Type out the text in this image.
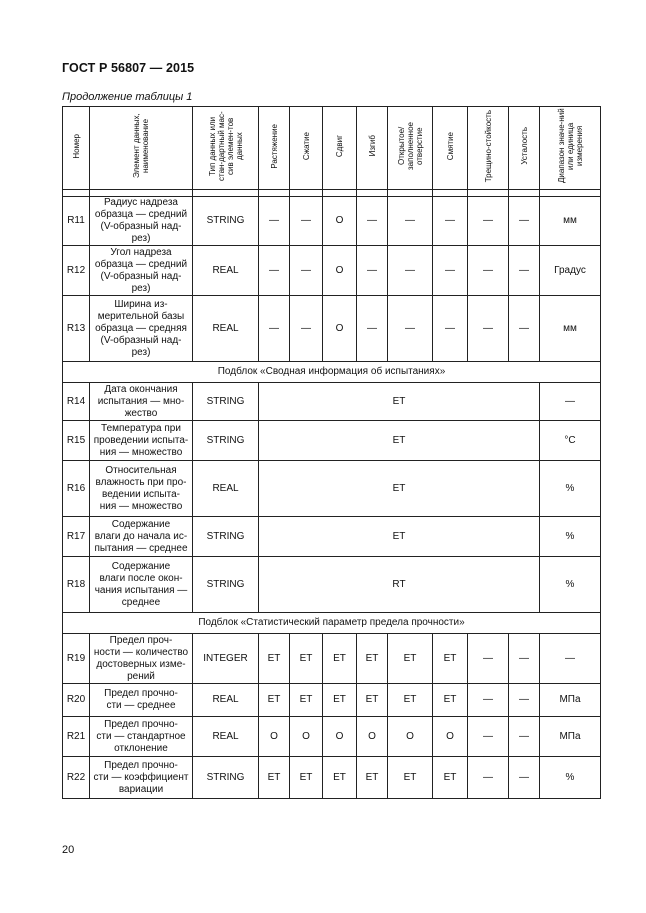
ГОСТ Р 56807 — 2015
Продолжение таблицы 1
Номер	Элемент данных, наименование	Тип данных или стан-дартный мас-сив элемен-тов данных	Растяжение	Сжатие	Сдвиг	Изгиб	Открытое/ заполненное отверстие	Смятие	Трещино-стойкость	Усталость	Диапазон значе-ний или единица измерения

R11	Радиус надреза
образца — средний
(V-образный над-
рез)	STRING	—	—	O	—	—	—	—	—	мм
R12	Угол надреза
образца — средний
(V-образный над-
рез)	REAL	—	—	O	—	—	—	—	—	Градус
R13	Ширина из-
мерительной базы
образца — средняя
(V-образный над-
рез)	REAL	—	—	O	—	—	—	—	—	мм
Подблок «Сводная информация об испытаниях»											
R14	Дата окончания
испытания — мно-
жество	STRING	ET								—
R15	Температура при
проведении испыта-
ния — множество	STRING	ET								°C
R16	Относительная
влажность при про-
ведении испыта-
ния — множество	REAL	ET								%
R17	Содержание
влаги до начала ис-
пытания — среднее	STRING	ET								%
R18	Содержание
влаги после окон-
чания испытания —
среднее	STRING	RT								%
Подблок «Статистический параметр предела прочности»											
R19	Предел проч-
ности — количество
достоверных изме-
рений	INTEGER	ET	ET	ET	ET	ET	ET	—	—	—
R20	Предел прочно-
сти — среднее	REAL	ET	ET	ET	ET	ET	ET	—	—	МПа
R21	Предел прочно-
сти — стандартное
отклонение	REAL	O	O	O	O	O	O	—	—	МПа
R22	Предел прочно-
сти — коэффициент
вариации	STRING	ET	ET	ET	ET	ET	ET	—	—	%
20
